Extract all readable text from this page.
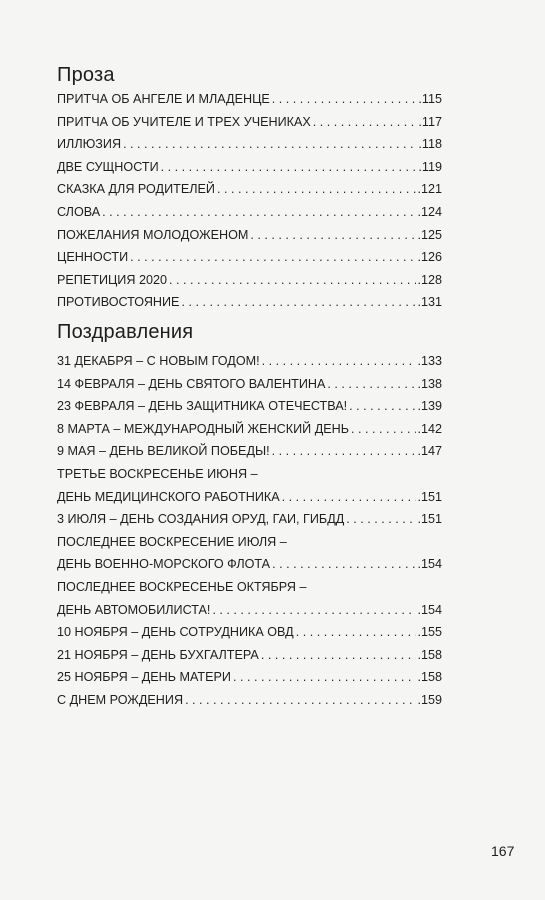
Проза
ПРИТЧА ОБ АНГЕЛЕ И МЛАДЕНЦЕ . . .	. 115
ПРИТЧА ОБ УЧИТЕЛЕ И ТРЕХ УЧЕНИКАХ . . .	. 117
ИЛЛЮЗИЯ . . .	. 118
ДВЕ СУЩНОСТИ . . .	. 119
СКАЗКА ДЛЯ РОДИТЕЛЕЙ . . .	. 121
СЛОВА . . .	. 124
ПОЖЕЛАНИЯ МОЛОДОЖЕНОМ . . .	. 125
ЦЕННОСТИ . . .	. 126
РЕПЕТИЦИЯ 2020 . . .	. 128
ПРОТИВОСТОЯНИЕ . . .	. 131
Поздравления
31 ДЕКАБРЯ – С НОВЫМ ГОДОМ! . . .	. 133
14 ФЕВРАЛЯ – ДЕНЬ СВЯТОГО ВАЛЕНТИНА . . .	. 138
23 ФЕВРАЛЯ – ДЕНЬ ЗАЩИТНИКА ОТЕЧЕСТВА! . . .	. 139
8 МАРТА – МЕЖДУНАРОДНЫЙ ЖЕНСКИЙ ДЕНЬ . . .	. 142
9 МАЯ – ДЕНЬ ВЕЛИКОЙ ПОБЕДЫ! . . .	. 147
ТРЕТЬЕ ВОСКРЕСЕНЬЕ ИЮНЯ –
ДЕНЬ МЕДИЦИНСКОГО РАБОТНИКА . . .	. 151
3 ИЮЛЯ – ДЕНЬ СОЗДАНИЯ ОРУД, ГАИ, ГИБДД . . .	. 151
ПОСЛЕДНЕЕ ВОСКРЕСЕНИЕ ИЮЛЯ –
ДЕНЬ ВОЕННО-МОРСКОГО ФЛОТА . . .	. 154
ПОСЛЕДНЕЕ ВОСКРЕСЕНЬЕ ОКТЯБРЯ –
ДЕНЬ АВТОМОБИЛИСТА! . . .	. 154
10 НОЯБРЯ – ДЕНЬ СОТРУДНИКА ОВД . . .	. 155
21 НОЯБРЯ – ДЕНЬ БУХГАЛТЕРА . . .	. 158
25 НОЯБРЯ – ДЕНЬ МАТЕРИ . . .	. 158
С ДНЕМ РОЖДЕНИЯ . . .	. 159
167
